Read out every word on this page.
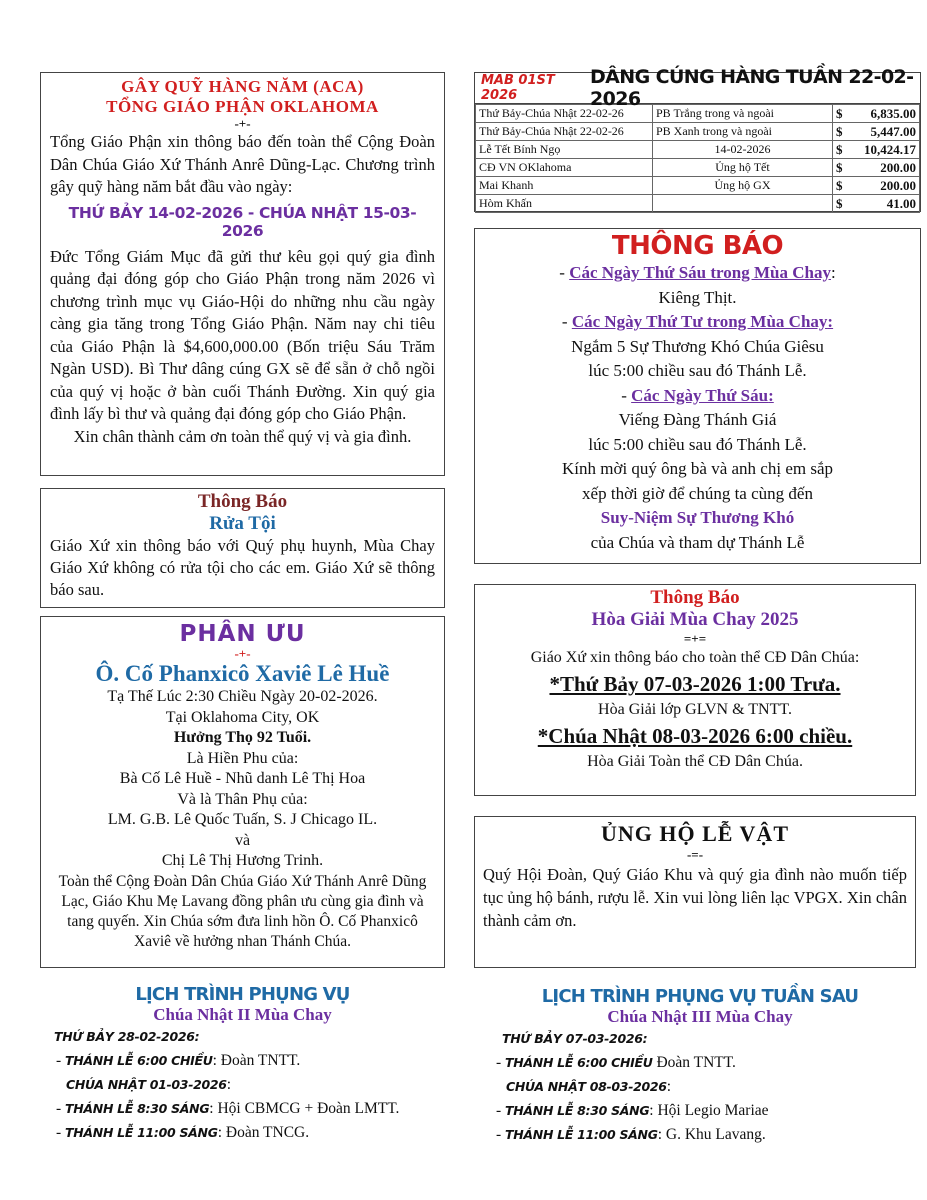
GÂY QUỸ HÀNG NĂM (ACA)

TỔNG GIÁO PHẬN OKLAHOMA

-+-

Tổng Giáo Phận xin thông báo đến toàn thể Cộng Đoàn Dân Chúa Giáo Xứ Thánh Anrê Dũng-Lạc. Chương trình gây quỹ hàng năm bắt đầu vào ngày:

THỨ BẢY 14-02-2026 - CHÚA NHẬT 15-03-2026

Đức Tổng Giám Mục đã gửi thư kêu gọi quý gia đình quảng đại đóng góp cho Giáo Phận trong năm 2026 vì chương trình mục vụ Giáo-Hội do những nhu cầu ngày càng gia tăng trong Tổng Giáo Phận. Năm nay chi tiêu của Giáo Phận là $4,600,000.00 (Bốn triệu Sáu Trăm Ngàn USD). Bì Thư dâng cúng GX sẽ để sẵn ở chỗ ngồi của quý vị hoặc ở bàn cuối Thánh Đường. Xin quý gia đình lấy bì thư và quảng đại đóng góp cho Giáo Phận.

Xin chân thành cảm ơn toàn thể quý vị và gia đình.

Thông Báo

Rửa Tội

Giáo Xứ xin thông báo với Quý phụ huynh, Mùa Chay Giáo Xứ không có rửa tội cho các em. Giáo Xứ sẽ thông báo sau.

PHÂN ƯU

-+-

Ô. Cố Phanxicô Xaviê Lê Huề

Tạ Thế Lúc 2:30 Chiều Ngày 20-02-2026.

Tại Oklahoma City, OK

Hưởng Thọ 92 Tuổi.

Là Hiền Phu của:

Bà Cố Lê Huề - Nhũ danh Lê Thị Hoa

Và là Thân Phụ của:

LM. G.B. Lê Quốc Tuấn, S. J Chicago IL.

và

Chị Lê Thị Hương Trinh.

Toàn thể Cộng Đoàn Dân Chúa Giáo Xứ Thánh Anrê Dũng Lạc, Giáo Khu Mẹ Lavang đồng phân ưu cùng gia đình và tang quyến. Xin Chúa sớm đưa linh hồn Ô. Cố Phanxicô Xaviê về hưởng nhan Thánh Chúa.

MAB 01ST 2026
DÂNG CÚNG HÀNG TUẦN 22-02-2026
Thứ Bảy-Chúa Nhật 22-02-26	PB Trắng trong và ngoài	$ 6,835.00

Thứ Bảy-Chúa Nhật 22-02-26	PB Xanh trong và ngoài	$ 5,447.00

Lễ Tết Bính Ngọ	14-02-2026	$ 10,424.17

CĐ VN OKlahoma	Ủng hộ Tết	$ 200.00

Mai Khanh	Ủng hộ GX	$ 200.00

Hòm Khấn		$ 41.00

THÔNG BÁO

- Các Ngày Thứ Sáu trong Mùa Chay:

Kiêng Thịt.

- Các Ngày Thứ Tư trong Mùa Chay:

Ngắm 5 Sự Thương Khó Chúa Giêsu

lúc 5:00 chiều sau đó Thánh Lễ.

- Các Ngày Thứ Sáu:

Viếng Đàng Thánh Giá

lúc 5:00 chiều sau đó Thánh Lễ.

Kính mời quý ông bà và anh chị em sắp

xếp thời giờ để chúng ta cùng đến

Suy-Niệm Sự Thương Khó

của Chúa và tham dự Thánh Lễ

Thông Báo

Hòa Giải Mùa Chay 2025

=+=

Giáo Xứ xin thông báo cho toàn thể CĐ Dân Chúa:

*Thứ Bảy 07-03-2026 1:00 Trưa.

Hòa Giải lớp GLVN & TNTT.

*Chúa Nhật 08-03-2026 6:00 chiều.

Hòa Giải Toàn thể CĐ Dân Chúa.

ỦNG HỘ LỄ VẬT

-=-

Quý Hội Đoàn, Quý Giáo Khu và quý gia đình nào muốn tiếp tục ủng hộ bánh, rượu lễ. Xin vui lòng liên lạc VPGX. Xin chân thành cảm ơn.

LỊCH TRÌNH PHỤNG VỤ

Chúa Nhật II Mùa Chay

THỨ BẢY 28-02-2026:

- THÁNH LỄ 6:00 CHIỀU: Đoàn TNTT.

CHÚA NHẬT 01-03-2026:

- THÁNH LỄ 8:30 SÁNG: Hội CBMCG + Đoàn LMTT.

- THÁNH LỄ 11:00 SÁNG: Đoàn TNCG.

LỊCH TRÌNH PHỤNG VỤ TUẦN SAU

Chúa Nhật III Mùa Chay

THỨ BẢY 07-03-2026:

- THÁNH LỄ 6:00 CHIỀU Đoàn TNTT.

CHÚA NHẬT 08-03-2026:

- THÁNH LỄ 8:30 SÁNG: Hội Legio Mariae

- THÁNH LỄ 11:00 SÁNG: G. Khu Lavang.
